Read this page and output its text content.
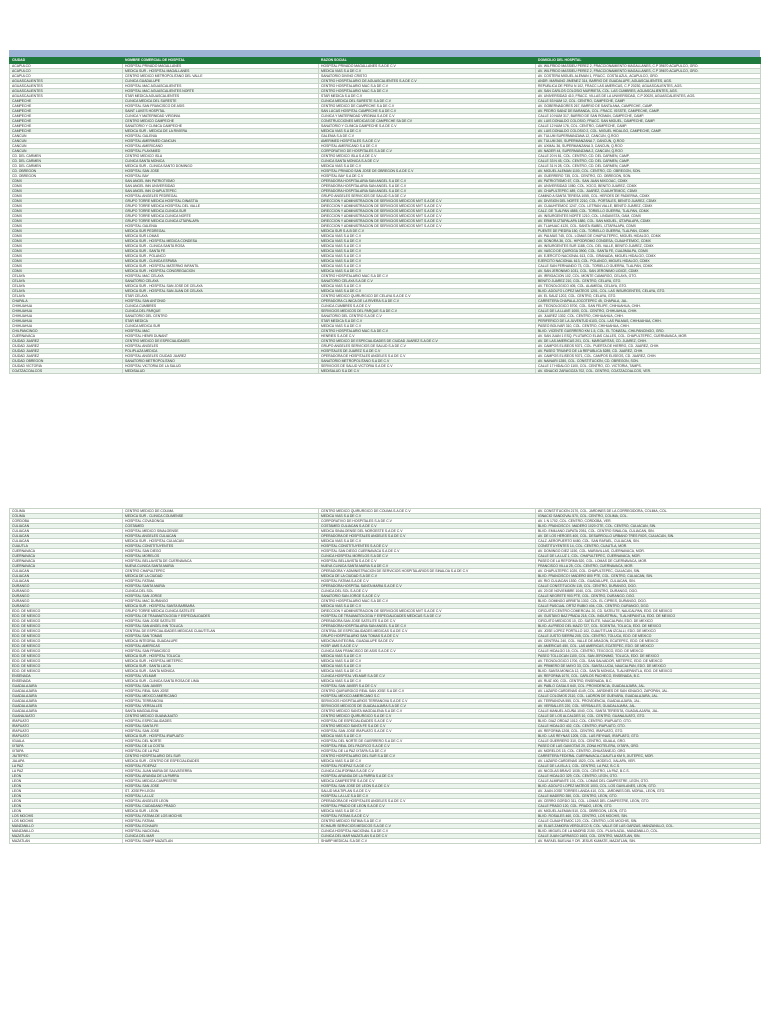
CIUDAD	NOMBRE COMERCIAL DE HOSPITAL	RAZON SOCIAL	DOMICILIO DEL HOSPITAL
ACAPULCO	HOSPITAL PRIVADO MAGALLANES	HOSPITAL PRIVADO MAGALLANES S.A DE C.V	AV. WILFRIDO MASSIEU PEREZ 2, FRACCIONAMIENTO MAGALLANES, C.P 39670 ACAPULCO, GRO.
ACAPULCO	MEDICA SUR - HOSPITAL MAGALLANES	MEDICA VIAS S.A DE C.V	AV. WILFRIDO MASSIEU PEREZ 2, FRACCIONAMIENTO MAGALLANES, C.P 39670 ACAPULCO, GRO.
ACAPULCO	CENTRO MEDICO METROPOLITANO DEL VALLE	SANATORIO DIVINO CRISTO	AV. COSTERA MIGUEL ALEMAN 1, FRACC. COSTA AZUL, ACAPULCO, GRO.
AGUASCALIENTES	CLINICA GUADALUPE	CENTRO HOSPITALARIO DE AGUASCALIENTES S.A DE C.V	ANDR. MARIANO JIMENEZ 314, BARRIO DE GUADALUPE, AGUASCALIENTES, AGS.
AGUASCALIENTES	HOSPITAL MAC AGUASCALIENTES	CENTRO HOSPITALARIO MAC S.A DE C.V	REPUBLICA DE PERU N 102, FRACC LAS AMERICAS, C.P 20230, AGUASCALIENTES, AGS.
AGUASCALIENTES	HOSPITAL MAC AGUASCALIENTES NORTE	CENTRO HOSPITALARIO MAC S.A DE C.V	AV. SAN CARLOS COLOSIO MURRIETA, COL. LAS CUMBRES, AGUASCALIENTES, AGS.
AGUASCALIENTES	STAR MEDICA AGUASCALIENTES	STAR MEDICA S.A DE C.V	AV. UNIVERSIDAD 410, FRACC. VILLAS DE LA UNIVERSIDAD, C.P 20020, AGUASCALIENTES, AGS.
CAMPECHE	CLINICA MEDICA DEL SURESTE	CLINICA MEDICA DEL SURESTE S.A DE C.V	CALLE 53 NUM 12, COL. CENTRO, CAMPECHE, CAMP.
CAMPECHE	HOSPITAL SAN FRANCISCO DE ASIS	CENTRO MEDICO DE CAMPECHE S.A DE C.V	AV. GOBERNADORES 267, BARRIO DE SANTA ANA, CAMPECHE, CAMP.
CAMPECHE	SAINT LUKE'S HOSPITAL	SAN LUCAS HOSPITAL CAMPECHE S.A DE C.V	AV. PEDRO SAINZ DE BARANDA, COL. FRACC. ISSSTE, CAMPECHE, CAMP.
CAMPECHE	CLINICA Y MATERNIDAD VIRGINIA	CLINICA Y MATERNIDAD VIRGINIA S.A DE C.V	CALLE 10 NUM 317, BARRIO DE SAN ROMAN, CAMPECHE, CAMP.
CAMPECHE	CENTRO MEDICO CAMPECHE	CONSTRUCCIONES MEDICAS DE CAMPECHE SA DE CV	AV. LUIS DONALDO COLOSIO, FRACC. SAN MIGUEL, CAMPECHE, CAMP.
CAMPECHE	SANATORIO Y CLINICA CAMPECHE	SANATORIO Y CLINICA CAMPECHE S.A DE C.V	CALLE 12 NUM 176, COL. CENTRO, CAMPECHE, CAMP.
CAMPECHE	MEDICA SUR - MEDICA DE LA RIVIERA	MEDICA VIAS S.A DE C.V	AV. LUIS DONALDO COLOSIO 2, COL. MIGUEL HIDALGO, CAMPECHE, CAMP.
CANCUN	HOSPITAL GALENIA	GALENIA S.A DE C.V	AV. TULUM SUPERMANZANA 12, CANCUN, Q.ROO
CANCUN	HOSPITAL AMERIMED CANCUN	AMERIMED HOSPITALES S.A DE C.V	AV. TULUM 260, SUPERMANZANA 7, CANCUN, Q.ROO
CANCUN	HOSPITAL AMERICANO	HOSPITAL AMERICANO S.A DE C.V	AV. UXMAL 36, SUPERMANZANA 3, CANCUN, Q.ROO
CANCUN	HOSPITAL PLAYAMED	CORPORATIVO DE HOSPITALES S.A DE C.V	AV. NADER 44, SUPERMANZANA 2, CANCUN, Q.ROO
CD. DEL CARMEN	CENTRO MEDICO ISLA	CENTRO MEDICO ISLA S.A DE C.V	CALLE 20 N 81, COL. CENTRO, CD. DEL CARMEN, CAMP.
CD. DEL CARMEN	CLINICA SANTA MONICA	CLINICA SANTA MONICA S.A DE C.V	CALLE 33 N 45, COL. CENTRO, CD. DEL CARMEN, CAMP.
CD. DEL CARMEN	MEDICA SUR - CLINICA SANTO DOMINGO	MEDICA VIAS S.A DE C.V	CALLE 31 N 28, COL. CENTRO, CD. DEL CARMEN, CAMP.
CD. OBREGON	HOSPITAL SAN JOSE	HOSPITAL PRIVADO SAN JOSE DE OBREGON S.A DE C.V	AV. MIGUEL ALEMAN 1100, COL. CENTRO, CD. OBREGON, SON.
CD. OBREGON	HOSPITAL BAY	HOSPITAL BAY S.A DE C.V	AV. GUERRERO 735, COL. CENTRO, CD. OBREGON, SON.
CDMX	SAN ANGEL INN PATRIOTISMO	OPERADORA HOSPITALARIA SAN ANGEL S.A DE C.V	AV. PATRIOTISMO 67, COL. SAN JUAN MIXCOAC, CDMX
CDMX	SAN ANGEL INN UNIVERSIDAD	OPERADORA HOSPITALARIA SAN ANGEL S.A DE C.V	AV. UNIVERSIDAD 1080, COL. XOCO, BENITO JUAREZ, CDMX
CDMX	SAN ANGEL INN CHAPULTEPEC	OPERADORA HOSPITALARIA SAN ANGEL S.A DE C.V	AV. CHAPULTEPEC 489, COL. JUAREZ, CUAUHTEMOC, CDMX
CDMX	HOSPITAL ANGELES PEDREGAL	GRUPO ANGELES SERVICIOS DE SALUD S.A DE C.V	CAMINO A SANTA TERESA 1055, COL. HEROES DE PADIERNA, CDMX
CDMX	GRUPO TORRE MEDICA HOSPITAL DINASTIA	DIRECCION Y ADMINISTRACION DE SERVICIOS MEDICOS MVT S.A DE C.V	AV. DIVISION DEL NORTE 2210, COL. PORTALES, BENITO JUAREZ, CDMX
CDMX	GRUPO TORRE MEDICA HOSPITAL DEL VALLE	DIRECCION Y ADMINISTRACION DE SERVICIOS MEDICOS MVT S.A DE C.V	AV. CUAUHTEMOC 1247, COL. LETRAN VALLE, BENITO JUAREZ, CDMX
CDMX	GRUPO TORRE MEDICA CLINICA SUR	DIRECCION Y ADMINISTRACION DE SERVICIOS MEDICOS MVT S.A DE C.V	CALZ. DE TLALPAN 4585, COL. TORIELLO GUERRA, TLALPAN, CDMX
CDMX	GRUPO TORRE MEDICA CLINICA NORTE	DIRECCION Y ADMINISTRACION DE SERVICIOS MEDICOS MVT S.A DE C.V	AV. INSURGENTES NORTE 1210, COL. LINDAVISTA, GAM, CDMX
CDMX	GRUPO TORRE MEDICA CLINICA IZTAPALAPA	DIRECCION Y ADMINISTRACION DE SERVICIOS MEDICOS MVT S.A DE C.V	AV. ERMITA IZTAPALAPA 1880, COL. SAN MIGUEL, IZTAPALAPA, CDMX
CDMX	HOSPITAL GALENIA	DIRECCION Y ADMINISTRACION DE SERVICIOS MEDICOS MVT S.A DE C.V	AV. TLAHUAC 4120, COL. SANTA ISABEL, IZTAPALAPA, CDMX
CDMX	MEDICA SUR PEDREGAL	MEDICA SUR S.A.B DE C.V	PUENTE DE PIEDRA 150, COL. TORIELLO GUERRA, TLALPAN, CDMX
CDMX	MEDICA SUR LOMAS	MEDICA VIAS S.A DE C.V	AV. PALMAS 745, COL. LOMAS DE CHAPULTEPEC, MIGUEL HIDALGO, CDMX
CDMX	MEDICA SUR - HOSPITAL MEDICA CONDESA	MEDICA VIAS S.A DE C.V	AV. SONORA 36, COL. HIPODROMO CONDESA, CUAUHTEMOC, CDMX
CDMX	MEDICA SUR - CLINICA SANTA ROSA	MEDICA VIAS S.A DE C.V	AV. INSURGENTES SUR 1188, COL. DEL VALLE, BENITO JUAREZ, CDMX
CDMX	MEDICA SUR - SANTA FE	MEDICA VIAS S.A DE C.V	AV. VASCO DE QUIROGA 3900, COL. SANTA FE, CUAJIMALPA, CDMX
CDMX	MEDICA SUR - POLANCO	MEDICA VIAS S.A DE C.V	AV. EJERCITO NACIONAL 613, COL. GRANADA, MIGUEL HIDALGO, CDMX
CDMX	MEDICA SUR - CLINICA ESPAÑA	MEDICA VIAS S.A DE C.V	EJERCITO NACIONAL 613, COL. POLANCO, MIGUEL HIDALGO, CDMX
CDMX	MEDICA SUR - HOSPITAL MATERNO INFANTIL	MEDICA VIAS S.A DE C.V	CALLE SAN FERNANDO 73, COL. TORIELLO GUERRA, TLALPAN, CDMX
CDMX	MEDICA SUR - HOSPITAL CONGREGACION	MEDICA VIAS S.A DE C.V	AV. SAN JERONIMO 1031, COL. SAN JERONIMO LIDICE, CDMX
CELAYA	HOSPITAL MAC CELAYA	CENTRO HOSPITALARIO MAC S.A DE C.V	AV. IRRIGACION 102, COL. MONTE CAMARGO, CELAYA, GTO.
CELAYA	SANATORIO CELAYA	SANATORIO CELAYA S.A DE C.V	BENITO JUAREZ 210, COL. CENTRO, CELAYA, GTO.
CELAYA	MEDICA SUR - HOSPITAL SAN JOSE DE CELAYA	MEDICA VIAS S.A DE C.V	AV. TECNOLOGICO 405, COL. ALAMEDA, CELAYA, GTO.
CELAYA	MEDICA SUR - HOSPITAL SAN JUAN DE CELAYA	MEDICA VIAS S.A DE C.V	BLVD. ADOLFO LOPEZ MATEOS 1201, COL. LAS INSURGENTES, CELAYA, GTO.
CELAYA	STAR CELAYA	CENTRO MEDICO QUIRURGICO DE CELAYA S.A DE C.V	AV. EL SAUZ 1202, COL. CENTRO, CELAYA, GTO.
CHAPALA	HOSPITAL SAN ANTONIO	OPERADORA CLINICA DE LA RIVERA S.A DE C.V	CARRETERA CHAPALA-JOCOTEPEC 45, CHAPALA, JAL.
CHIHUAHUA	CLINICA CUMBRES	CLINICA CUMBRES S.A DE C.V	AV. TECNOLOGICO 5700, COL. SAN FELIPE, CHIHUAHUA, CHIH.
CHIHUAHUA	CLINICA DEL PARQUE	SERVICIOS MEDICOS DEL PARQUE S.A DE C.V	CALLE DE LA LLAVE 1000, COL. CENTRO, CHIHUAHUA, CHIH.
CHIHUAHUA	SANATORIO DEL CENTRO	SANATORIO DEL CENTRO S.A DE C.V	AV. JUAREZ 1302, COL. CENTRO, CHIHUAHUA, CHIH.
CHIHUAHUA	STAR MEDICA	STAR MEDICA S.A DE C.V	PERIFERICO DE LA JUVENTUD 6103, COL. LAS PALMAS, CHIHUAHUA, CHIH.
CHIHUAHUA	CLINICA MEDICA SUR	MEDICA VIAS S.A DE C.V	PASEO BOLIVAR 310, COL. CENTRO, CHIHUAHUA, CHIH.
CHILPANCINGO	HOSPITAL MAC	CENTRO HOSPITALARIO MAC S.A DE C.V	BLVD. VICENTE GUERRERO KM 1.5, COL. EL TOMATAL, CHILPANCINGO, GRO.
CUERNAVACA	HOSPITAL HENRI DUNANT	HENRIES S.A DE C.V	AV. SAN JUAN 1 ESQ. PLUTARCO ELIAS CALLES, COL. CHAPULTEPEC, CUERNAVACA, MOR.
CIUDAD JUAREZ	CENTRO MEDICO DE ESPECIALIDADES	CENTRO MEDICO DE ESPECIALIDADES DE CIUDAD JUAREZ S.A DE C.V	AV. DE LAS AMERICAS 201, COL. MARGARITAS, CD. JUAREZ, CHIH.
CIUDAD JUAREZ	HOSPITAL ANGELES	GRUPO ANGELES SERVICIOS DE SALUD S.A DE C.V	AV. CAMPOS ELISEOS 9371, COL. PUERTA DE HIERRO, CD. JUAREZ, CHIH.
CIUDAD JUAREZ	POLIPLAZA MEDICA	HOSPITALES DE JUAREZ S.A DE C.V	AV. PASEO TRIUNFO DE LA REPUBLICA 5289, CD. JUAREZ, CHIH.
CIUDAD JUAREZ	HOSPITAL ANGELES CIUDAD JUAREZ	OPERADORA DE HOSPITALES ANGELES S.A DE C.V	AV. CAMPOS ELISEOS 9371, COL. CAMPOS ELISEOS, CD. JUAREZ, CHIH.
CIUDAD OBREGON	SANATORIO METROPOLITANO	SANATORIO METROPOLITANO S.A DE C.V	AV. NAINARI 1280, COL. CONSTITUCION, CD. OBREGON, SON.
CIUDAD VICTORIA	HOSPITAL VICTORIA DE LA SALUD	SERVICIOS DE SALUD VICTORIA S.A DE C.V	CALLE 17 HIDALGO 1100, COL. CENTRO, CD. VICTORIA, TAMPS.
COATZACOALCOS	MEDISALUD	MEDISALUD S.A DE C.V	AV. IGNACIO ZARAGOZA 702, COL. CENTRO, COATZACOALCOS, VER.
COLIMA	CENTRO MEDICO DE COLIMA	CENTRO MEDICO QUIRURGICO DE COLIMA S.A DE C.V	AV. CONSTITUCION 2170, COL. JARDINES DE LA CORREGIDORA, COLIMA, COL.
COLIMA	MEDICA SUR - CLINICA COLIMENSE	MEDICA VIAS S.A DE C.V	IGNACIO SANDOVAL 570, COL. CENTRO, COLIMA, COL.
CORDOBA	HOSPITAL COVADONGA	CORPORATIVO DE HOSPITALES S.A DE C.V	AV. 1 N 1702, COL. CENTRO, CORDOBA, VER.
CULIACAN	COSTAMED	COSTAMED CULIACAN S.A DE C.V	BLVD. FRANCISCO I. MADERO 1020 OTE, COL. CENTRO, CULIACAN, SIN.
CULIACAN	HOSPITAL MEDICO SINALOENSE	MEDICA SINALOENSE DEL NOROESTE S.A DE C.V	BLVD. EMILIANO ZAPATA 2051, COL. CENTRO SINALOA, CULIACAN, SIN.
CULIACAN	HOSPITAL ANGELES CULIACAN	OPERADORA DE HOSPITALES ANGELES S.A DE C.V	AV. DE LOS HEROES 400, COL. DESARROLLO URBANO TRES RIOS, CULIACAN, SIN.
CULIACAN	MEDICA SUR - HOSPITAL CULIACAN	MEDICA VIAS S.A DE C.V	CALZ. AEROPUERTO 6480, COL. SAN RAFAEL, CULIACAN, SIN.
CUAUTLA	HOSPITAL CONSTITUYENTES	HOSPITAL CONSTITUYENTES S.A DE C.V	CONSTITUYENTES 14, COL. CENTRO, CUAUTLA, MOR.
CUERNAVACA	HOSPITAL SAN DIEGO	HOSPITAL SAN DIEGO CUERNAVACA S.A DE C.V	AV. DOMINGO DIEZ 1150, COL. MARAVILLAS, CUERNAVACA, MOR.
CUERNAVACA	HOSPITAL MORELOS	CLINICA HOSPITAL MORELOS S.A DE C.V	CALLE DE LA LUZ 1, COL. CHAPULTEPEC, CUERNAVACA, MOR.
CUERNAVACA	HOSPITAL BELLAVISTA DE CUERNAVACA	HOSPITAL BELLAVISTA S.A DE C.V	PASEO DE LA REFORMA 520, COL. LOMAS DE CUERNAVACA, MOR.
CUERNAVACA	NUEVA CLINICA SANTA MARIA	NUEVA CLINICA SANTA MARIA S.A DE C.V	FRANCISCO VILLA 25, COL. CENTRO, CUERNAVACA, MOR.
CULIACAN	CENTRO CHAPULTEPEC	OPERADORA Y ADMINISTRACION DE SERVICIOS HOSPITALARIOS DE SINALOA S.A DE C.V	AV. CHAPULTEPEC 1020, COL. CHAPULTEPEC, CULIACAN, SIN.
CULIACAN	MEDICA DE LA CIUDAD	MEDICA DE LA CIUDAD S.A DE C.V	BLVD. FRANCISCO I MADERO 800 PTE, COL. CENTRO, CULIACAN, SIN.
CULIACAN	HOSPITAL FATIMA	HOSPITAL FATIMA S.A DE C.V	AV. RIO CULIACAN 1530, COL. GUADALUPE, CULIACAN, SIN.
DURANGO	HOSPITAL SANTA MARIA	OPERADORA HOSPITAL SANTA MARIA S.A DE C.V	CALLE CONSTITUCION 115, COL. CENTRO, DURANGO, DGO.
DURANGO	CLINICA DEL SOL	CLINICA DEL SOL S.A DE C.V	AV. 20 DE NOVIEMBRE 1040, COL. CENTRO, DURANGO, DGO.
DURANGO	HOSPITAL SAN JORGE	SANATORIO SAN JORGE S.A DE C.V	CALLE NEGRETE 903 PTE, COL. CENTRO, DURANGO, DGO.
DURANGO	HOSPITAL MAC DURANGO	CENTRO HOSPITALARIO MAC S.A DE C.V	BLVD. DOMINGO ARRIETA 1302, COL. EL CIPRES, DURANGO, DGO.
DURANGO	MEDICA SUR - HOSPITAL SANTA BARBARA	MEDICA VIAS S.A DE C.V	CALLE PASCUAL ORTIZ RUBIO 404, COL. CENTRO, DURANGO, DGO.
EDO. DE MEXICO	GRUPO TORRE MEDICA CLINICA SATELITE	DIRECCION Y ADMINISTRACION DE SERVICIOS MEDICOS MVT S.A DE C.V	CIRCUITO CENTRO COMERCIAL 20, CD. SATELITE, NAUCALPAN, EDO. DE MEXICO
EDO. DE MEXICO	HOSPITAL DE TRAUMATOLOGIA Y ESPECIALIDADES	HOSPITAL DE TRAUMATOLOGIA Y ESPECIALIDADES MEDICAS S.A DE C.V	AV. GUSTAVO BAZ PRADA 218, COL. INDUSTRIAL, TLALNEPANTLA, EDO. DE MEXICO
EDO. DE MEXICO	HOSPITAL SAN JOSE SATELITE	OPERADORA SAN JOSE SATELITE S.A DE C.V	CIRCUITO MEDICOS 10, CD. SATELITE, NAUCALPAN, EDO. DE MEXICO
EDO. DE MEXICO	HOSPITAL SAN ANGEL INN TOLUCA	OPERADORA HOSPITALARIA SAN ANGEL S.A DE C.V	BLVD. ALFREDO DEL MAZO 727, COL. SCIENTIA, TOLUCA, EDO. DE MEXICO
EDO. DE MEXICO	CENTRAL DE ESPECIALIDADES MEDICAS CUAUTITLAN	CENTRAL DE ESPECIALIDADES MEDICAS S.A DE C.V	AV. JOSE LOPEZ PORTILLO 102, CUAUTITLAN IZCALLI, EDO. DE MEXICO
EDO. DE MEXICO	HOSPITAL SAN TOMAS	GRUPO HOSPITALARIO SAN TOMAS S.A DE C.V	CALLE JUSTO SIERRA 205, COL. CENTRO, TOLUCA, EDO. DE MEXICO
EDO. DE MEXICO	MEDICA INTEGRAL GUADALUPE	MEDICINA INTEGRAL GUADALUPE SA DE CV	AV. CENTRAL 240, COL. VALLE DE ARAGON, ECATEPEC, EDO. DE MEXICO
EDO. DE MEXICO	HOSPITAL AMERICAS	HOSP. AMS S.A DE C.V	AV. AMERICAS 450, COL. LAS AMERICAS, ECATEPEC, EDO. DE MEXICO
EDO. DE MEXICO	HOSPITAL SAN FRANCISCO	CLINICA SAN FRANCISCO DE ASIS S.A DE C.V	CALLE HIDALGO 15, COL. CENTRO, TEXCOCO, EDO. DE MEXICO
EDO. DE MEXICO	MEDICA SUR - HOSPITAL TOLUCA	MEDICA VIAS S.A DE C.V	PASEO TOLLOCAN 1100, COL. SAN JERONIMO, TOLUCA, EDO. DE MEXICO
EDO. DE MEXICO	MEDICA SUR - HOSPITAL METEPEC	MEDICA VIAS S.A DE C.V	AV. TECNOLOGICO 1700, COL. SAN SALVADOR, METEPEC, EDO. DE MEXICO
EDO. DE MEXICO	MEDICA SUR - SANTA LUCIA	MEDICA VIAS S.A DE C.V	AV. PRIMERO DE MAYO 33, COL. SANTA LUCIA, NAUCALPAN, EDO. DE MEXICO
EDO. DE MEXICO	MEDICA SUR - SANTA MONICA	MEDICA VIAS S.A DE C.V	BLVD. SANTA MONICA 12, COL. SANTA MONICA, TLALNEPANTLA, EDO. DE MEXICO
ENSENADA	HOSPITAL VELMAR	CLINICA HOSPITAL VELMAR S.A DE C.V	AV. REFORMA 1070, COL. CARLOS PACHECO, ENSENADA, B.C.
ENSENADA	MEDICA SUR - CLINICA SANTA ROSA DE LIMA	MEDICA VIAS S.A DE C.V	AV. RUIZ 400, COL. CENTRO, ENSENADA, B.C.
GUADALAJARA	HOSPITAL SAN JAVIER	HOSPITAL SAN JAVIER S.A DE C.V	AV. PABLO CASALS 640, COL. PROVIDENCIA, GUADALAJARA, JAL.
GUADALAJARA	HOSPITAL REAL SAN JOSE	CENTRO QUIRURGICO REAL SAN JOSE S.A DE C.V	AV. LAZARO CARDENAS 4149, COL. JARDINES DE SAN IGNACIO, ZAPOPAN, JAL.
GUADALAJARA	HOSPITAL MEXICO AMERICANO	HOSPITAL MEXICO AMERICANO S.C	CALLE COLOMOS 2110, COL. LADRON DE GUEVARA, GUADALAJARA, JAL.
GUADALAJARA	HOSPITAL TERRANOVA	SERVICIOS HOSPITALARIOS TERRANOVA S.A DE C.V	AV. TERRANOVA 555, COL. PROVIDENCIA, GUADALAJARA, JAL.
GUADALAJARA	HOSPITAL VERSALLES	SERVICIOS MEDICOS DE GUADALAJARA S.A DE C.V	AV. VERSALLES 220, COL. VERSALLES, GUADALAJARA, JAL.
GUADALAJARA	SANTA MAGDALENA	CENTRO MEDICO SANTA MAGDALENA S.A DE C.V	CALLE MANUEL ACUÑA 1040, COL. SANTA TERESITA, GUADALAJARA, JAL.
GUANAJUATO	CENTRO MEDICO GUANAJUATO	CENTRO MEDICO QUIRURGICO S.A DE C.V	CALLE DE LOS ALCALDES 10, COL. CENTRO, GUANAJUATO, GTO.
IRAPUATO	HOSPITAL ESPECIALIDADES	HOSPITAL DE ESPECIALIDADES S.A DE C.V	BLVD. DIAZ ORDAZ 1012, COL. CENTRO, IRAPUATO, GTO.
IRAPUATO	HOSPITAL SANTA FE	CENTRO MEDICO SANTA FE S.A DE C.V	CALLE HIDALGO 402, COL. CENTRO, IRAPUATO, GTO.
IRAPUATO	HOSPITAL SAN JOSE	HOSPITAL SAN JOSE IRAPUATO S.A DE C.V	AV. REFORMA 1208, COL. CENTRO, IRAPUATO, GTO.
IRAPUATO	MEDICA SUR - HOSPITAL IRAPUATO	MEDICA VIAS S.A DE C.V	BLVD. LAS REYNAS 1205, COL. LAS REYNAS, IRAPUATO, GTO.
IGUALA	HOSPITAL DEL NORTE	HOSPITAL DEL NORTE DE GUERRERO S.A DE C.V	CALLE GUERRERO 310, COL. CENTRO, IGUALA, GRO.
IXTAPA	HOSPITAL DE LA COSTA	HOSPITAL REAL DEL PACIFICO S.A DE C.V	PASEO DE LAS GAVIOTAS 20, ZONA HOTELERA, IXTAPA, GRO.
IXTAPA	HOSPITAL DE LA PAZ	HOSPITAL DE LA PAZ IXTAPA S.A DE C.V	AV. MORELOS 15, COL. CENTRO, ZIHUATANEJO, GRO.
JIUTEPEC	CENTRO HOSPITALARIO DEL SUR	CENTRO HOSPITALARIO DEL SUR S.A DE C.V	CARRETERA FEDERAL CUERNAVACA-CUAUTLA KM 5, JIUTEPEC, MOR.
JALAPA	MEDICA SUR - CENTRO DE ESPECIALIDADES	MEDICA VIAS S.A DE C.V	AV. LAZARO CARDENAS 1520, COL. MODELO, XALAPA, VER.
LA PAZ	HOSPITAL FIDEPAZ	HOSPITAL FIDEPAZ S.A DE C.V	CALLE DE LA ISLA 1, COL. CENTRO, LA PAZ, B.C.S.
LA PAZ	HOSPITAL JUAN MARIA DE SALVATIERRA	CLINICA CALIFORNIA S.A DE C.V	AV. NICOLAS BRAVO 1035, COL. CENTRO, LA PAZ, B.C.S.
LEON	HOSPITAL ARANDA DE LA PARRA	HOSPITAL ARANDA DE LA PARRA S.A DE C.V	CALLE HIDALGO 329, COL. CENTRO, LEON, GTO.
LEON	HOSPITAL MEDICA CAMPESTRE	MEDICA CAMPESTRE S.A DE C.V	CALLE ALMIRANTE 101, COL. LOMAS DEL CAMPESTRE, LEON, GTO.
LEON	HOSPITAL SAN JOSE	HOSPITAL SAN JOSE DE LEON S.A DE C.V	BLVD. ADOLFO LOPEZ MATEOS 1003, COL. LOS GAVILANES, LEON, GTO.
LEON	ST. JOSEPH LEON	SALUD MULTIPLAN S.A DE C.V	AV. JUAN JOSE TORRES LANDA 410, COL. JARDINES DEL MORAL, LEON, GTO.
LEON	HOSPITAL LA LUZ	HOSPITAL LA LUZ S.A DE C.V	CALLE MADERO 350, COL. CENTRO, LEON, GTO.
LEON	HOSPITAL ANGELES LEON	OPERADORA DE HOSPITALES ANGELES S.A DE C.V	AV. CERRO GORDO 311, COL. LOMAS DEL CAMPESTRE, LEON, GTO.
LEON	HOSPITAL CIUDADANO PRADO	HOSPITAL PRADO DE LEON S.A DE C.V	CALLE PRADO 120, COL. PRADO, LEON, GTO.
LEON	MEDICA SUR - LEON	MEDICA VIAS S.A DE C.V	AV. MIGUEL ALEMAN 510, COL. OBREGON, LEON, GTO.
LOS MOCHIS	HOSPITAL FATIMA DE LOS MOCHIS	HOSPITAL FATIMA S.A DE C.V	BLVD. ROSALES 460, COL. CENTRO, LOS MOCHIS, SIN.
LOS MOCHIS	HOSPITAL FATIMA	CENTRO MEDICO FATIMA S.A DE C.V	CALLE CUAUHTEMOC 120, COL. CENTRO, LOS MOCHIS, SIN.
MANZANILLO	HOSPITAL ECHAURI	ECHAURI SERVICIOS MEDICOS S.A DE C.V	AV. ELIAS ZAMORA VERDUZCO 8, COL. VALLE DE LAS GARZAS, MANZANILLO, COL.
MANZANILLO	HOSPITAL NACIONAL	CLINICA HOSPITAL NACIONAL S.A DE C.V	BLVD. MIGUEL DE LA MADRID 2150, COL. PLAYA AZUL, MANZANILLO, COL.
MAZATLAN	CLINICA DEL MAR	CLINICA DEL MAR MAZATLAN S.A DE C.V	CALLE JUAN CARRASCO 1603, COL. CENTRO, MAZATLAN, SIN.
MAZATLAN	HOSPITAL SHARP MAZATLAN	SHARP MEDICAL S.A DE C.V	AV. RAFAEL BUELNA Y DR. JESUS KUMATE, MAZATLAN, SIN.
